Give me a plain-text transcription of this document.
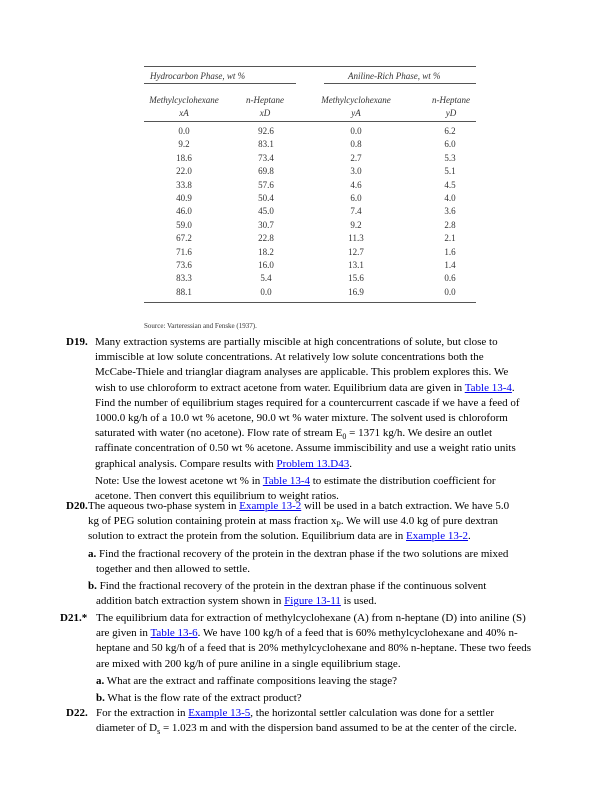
Hydrocarbon Phase, wt %	Aniline-Rich Phase, wt %
Methylcyclohexane	n-Heptane	Methylcyclohexane	n-Heptane
xA	xD	yA	yD
0.0	92.6	0.0	6.2
9.2	83.1	0.8	6.0
18.6	73.4	2.7	5.3
22.0	69.8	3.0	5.1
33.8	57.6	4.6	4.5
40.9	50.4	6.0	4.0
46.0	45.0	7.4	3.6
59.0	30.7	9.2	2.8
67.2	22.8	11.3	2.1
71.6	18.2	12.7	1.6
73.6	16.0	13.1	1.4
83.3	5.4	15.6	0.6
88.1	0.0	16.9	0.0
Source: Varteressian and Fenske (1937).
D19. Many extraction systems are partially miscible at high concentrations of solute, but close to
immiscible at low solute concentrations. At relatively low solute concentrations both the
McCabe-Thiele and trianglar diagram analyses are applicable. This problem explores this. We
wish to use chloroform to extract acetone from water. Equilibrium data are given in Table 13-4.
Find the number of equilibrium stages required for a countercurrent cascade if we have a feed of
1000.0 kg/h of a 10.0 wt % acetone, 90.0 wt % water mixture. The solvent used is chloroform
saturated with water (no acetone). Flow rate of stream $E_0 = 1371$ kg/h. We desire an outlet
raffinate concentration of 0.50 wt % acetone. Assume immiscibility and use a weight ratio units
graphical analysis. Compare results with Problem 13.D43.
Note: Use the lowest acetone wt % in Table 13-4 to estimate the distribution coefficient for
acetone. Then convert this equilibrium to weight ratios.
D20. The aqueous two-phase system in Example 13-2 will be used in a batch extraction. We have 5.0
kg of PEG solution containing protein at mass fraction $x_P$. We will use 4.0 kg of pure dextran
solution to extract the protein from the solution. Equilibrium data are in Example 13-2.
a. Find the fractional recovery of the protein in the dextran phase if the two solutions are mixed
together and then allowed to settle.
b. Find the fractional recovery of the protein in the dextran phase if the continuous solvent
addition batch extraction system shown in Figure 13-11 is used.
D21.* The equilibrium data for extraction of methylcyclohexane (A) from n-heptane (D) into aniline (S)
are given in Table 13-6. We have 100 kg/h of a feed that is 60% methylcyclohexane and 40% n-
heptane and 50 kg/h of a feed that is 20% methylcyclohexane and 80% n-heptane. These two feeds
are mixed with 200 kg/h of pure aniline in a single equilibrium stage.
a. What are the extract and raffinate compositions leaving the stage?
b. What is the flow rate of the extract product?
D22. For the extraction in Example 13-5, the horizontal settler calculation was done for a settler
diameter of $D_s = 1.023$ m and with the dispersion band assumed to be at the center of the circle.
